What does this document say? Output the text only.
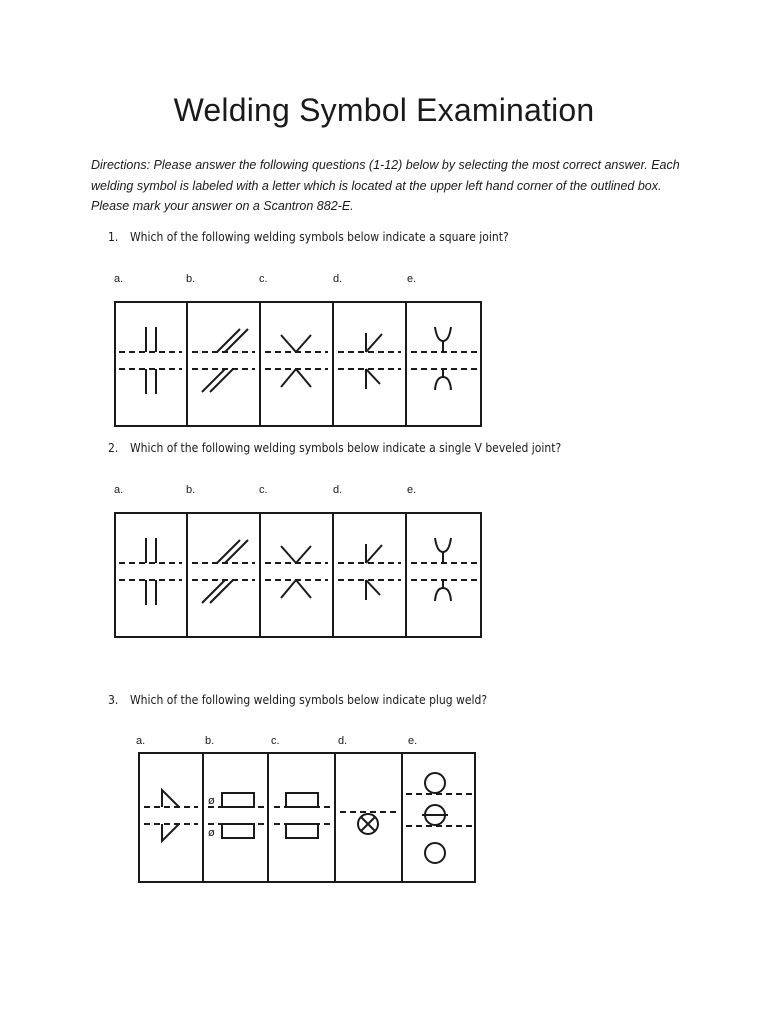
Welding Symbol Examination

Directions: Please answer the following questions (1-12) below by selecting the most correct answer. Each welding symbol is labeled with a letter which is located at the upper left hand corner of the outlined box. Please mark your answer on a Scantron 882-E.

1. Which of the following welding symbols below indicate a square joint?

a.	b.	c.	d.	e.

2. Which of the following welding symbols below indicate a single V beveled joint?

a.	b.	c.	d.	e.

3. Which of the following welding symbols below indicate plug weld?

a.	b.	c.	d.	e.
ø
ø
